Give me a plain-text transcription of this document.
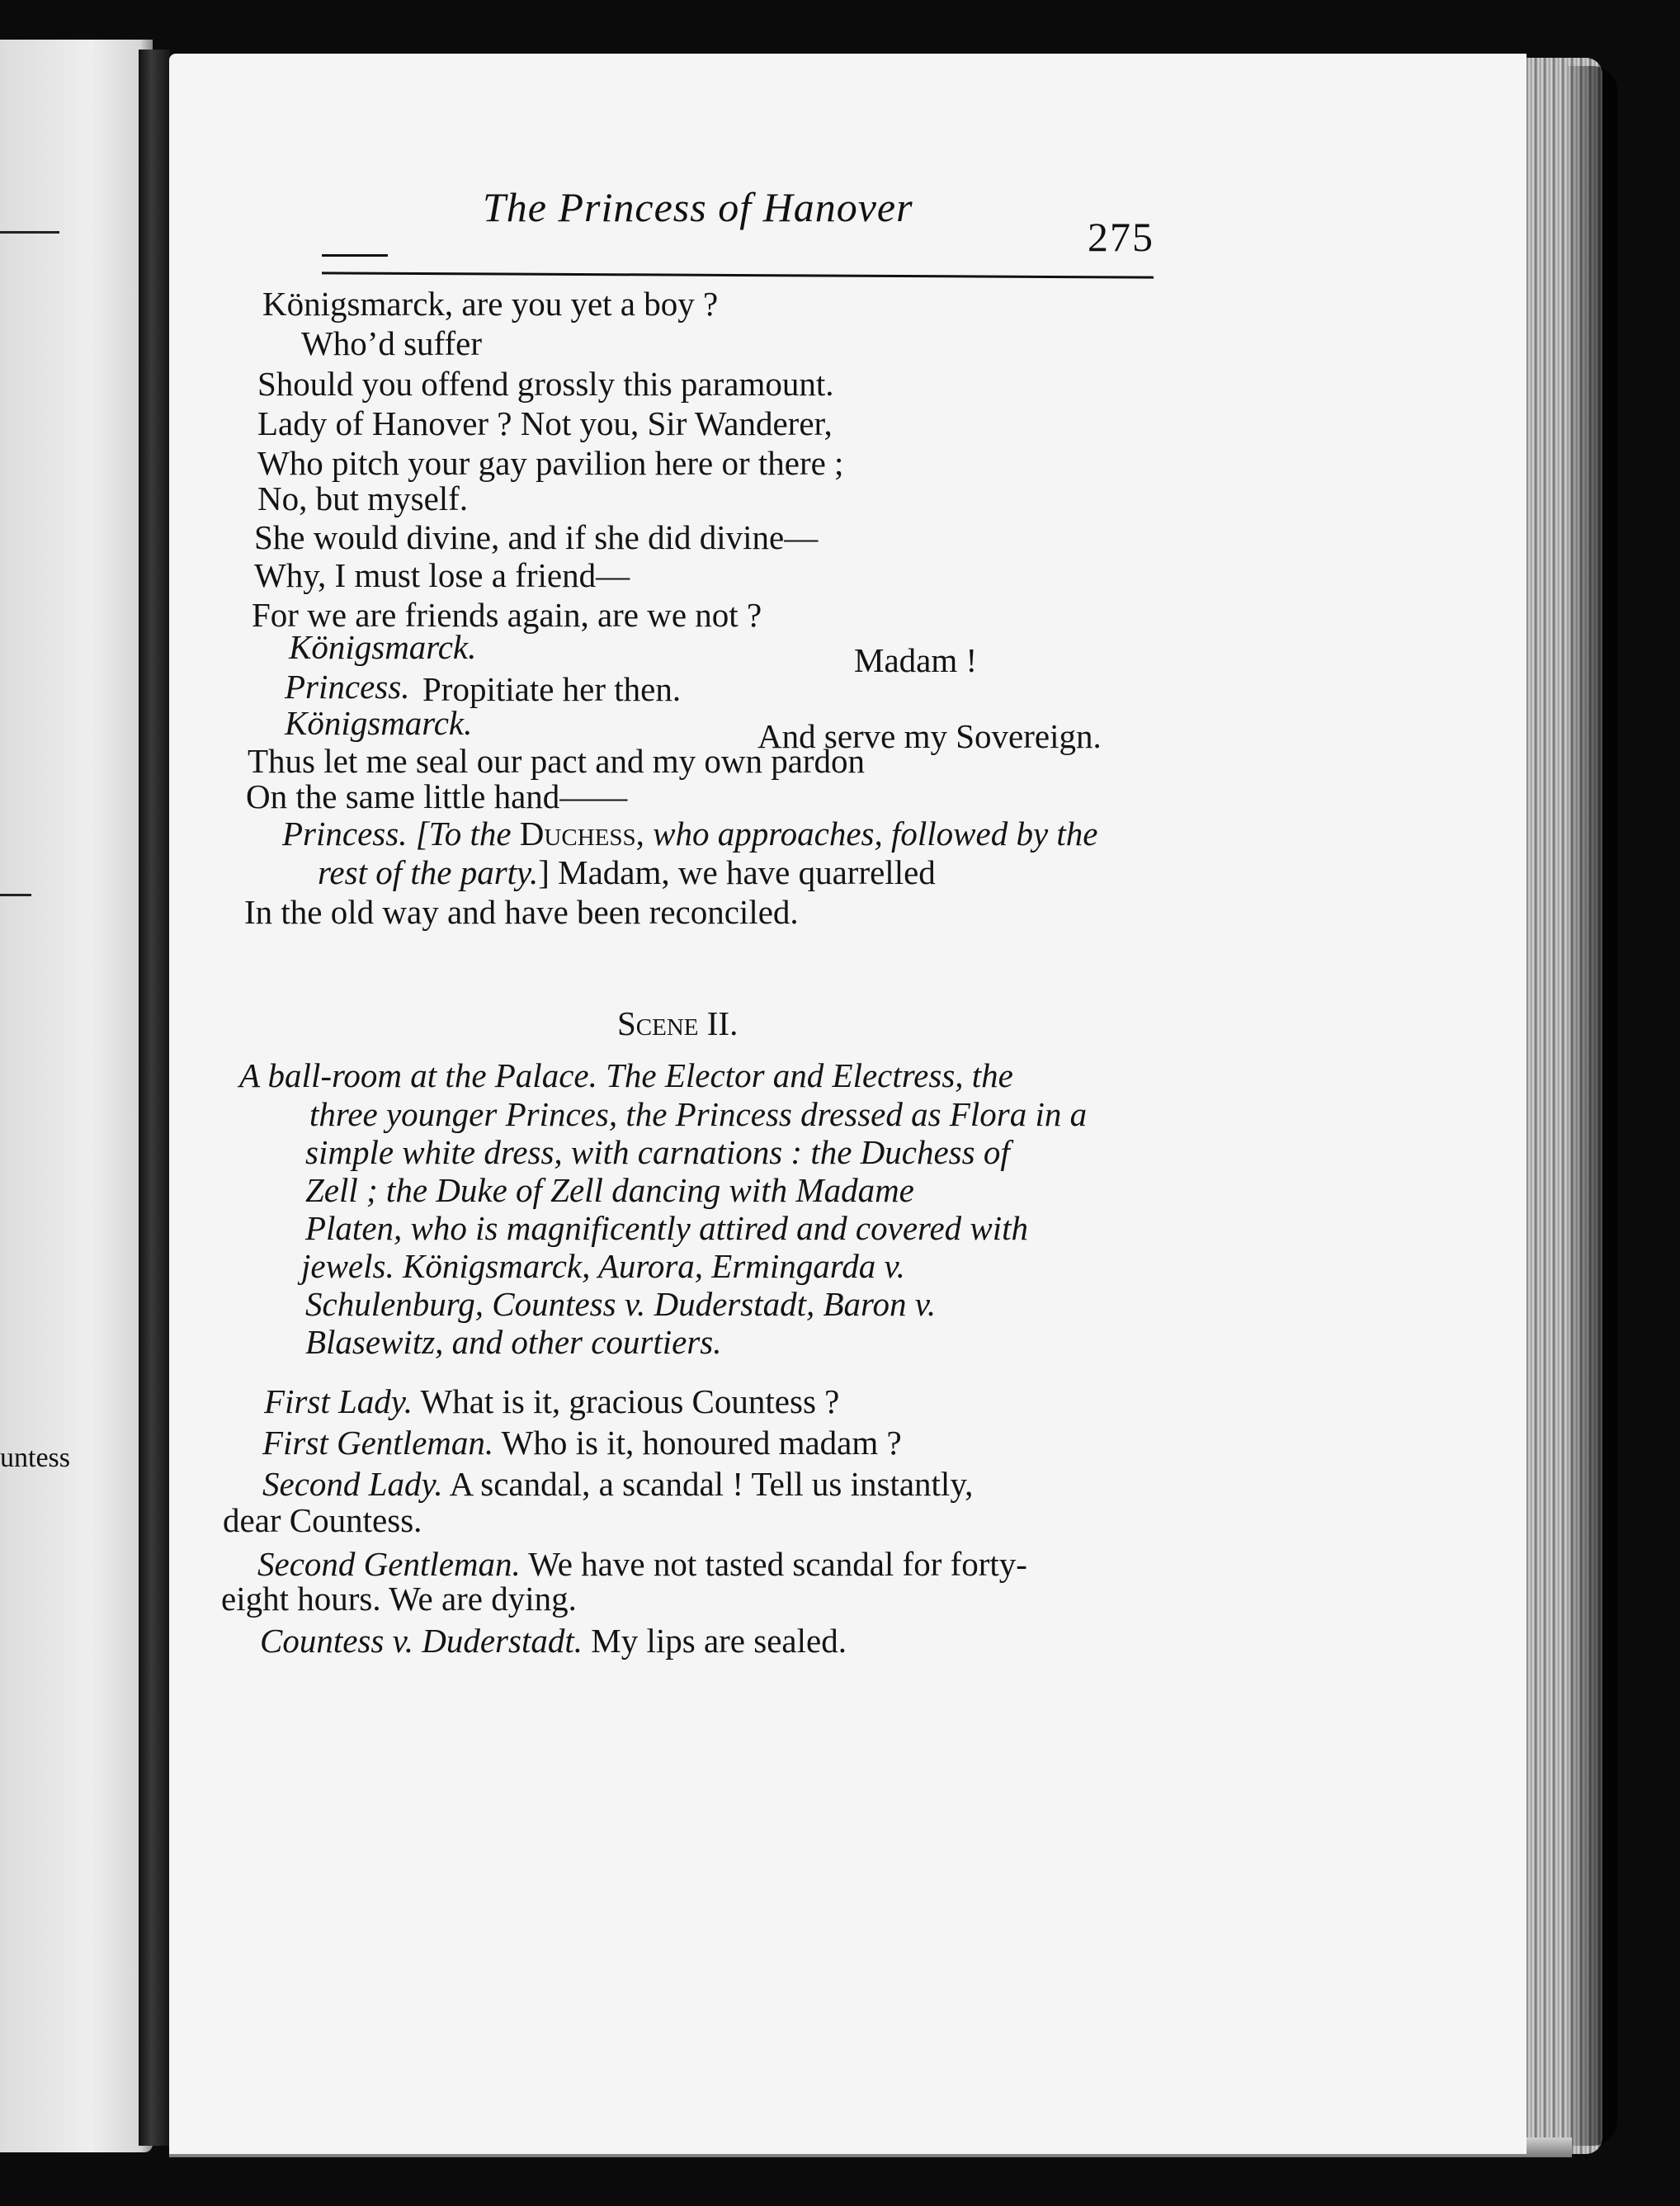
untess
The Princess of Hanover
275
Königsmarck, are you yet a boy ?
Who’d suffer
Should you offend grossly this paramount.
Lady of Hanover ? Not you, Sir Wanderer,
Who pitch your gay pavilion here or there ;
No, but myself.
She would divine, and if she did divine—
Why, I must lose a friend—
For we are friends again, are we not ?
Königsmarck.	Madam !
Princess. Propitiate her then.
Königsmarck.	And serve my Sovereign.
Thus let me seal our pact and my own pardon
On the same little hand——
Princess. [To the Duchess, who approaches, followed by the
rest of the party.] Madam, we have quarrelled
In the old way and have been reconciled.
Scene II.
A ball-room at the Palace. The Elector and Electress, the
three younger Princes, the Princess dressed as Flora in a
simple white dress, with carnations : the Duchess of
Zell ; the Duke of Zell dancing with Madame
Platen, who is magnificently attired and covered with
jewels. Königsmarck, Aurora, Ermingarda v.
Schulenburg, Countess v. Duderstadt, Baron v.
Blasewitz, and other courtiers.
First Lady. What is it, gracious Countess ?
First Gentleman. Who is it, honoured madam ?
Second Lady. A scandal, a scandal ! Tell us instantly,
dear Countess.
Second Gentleman. We have not tasted scandal for forty-
eight hours. We are dying.
Countess v. Duderstadt. My lips are sealed.
